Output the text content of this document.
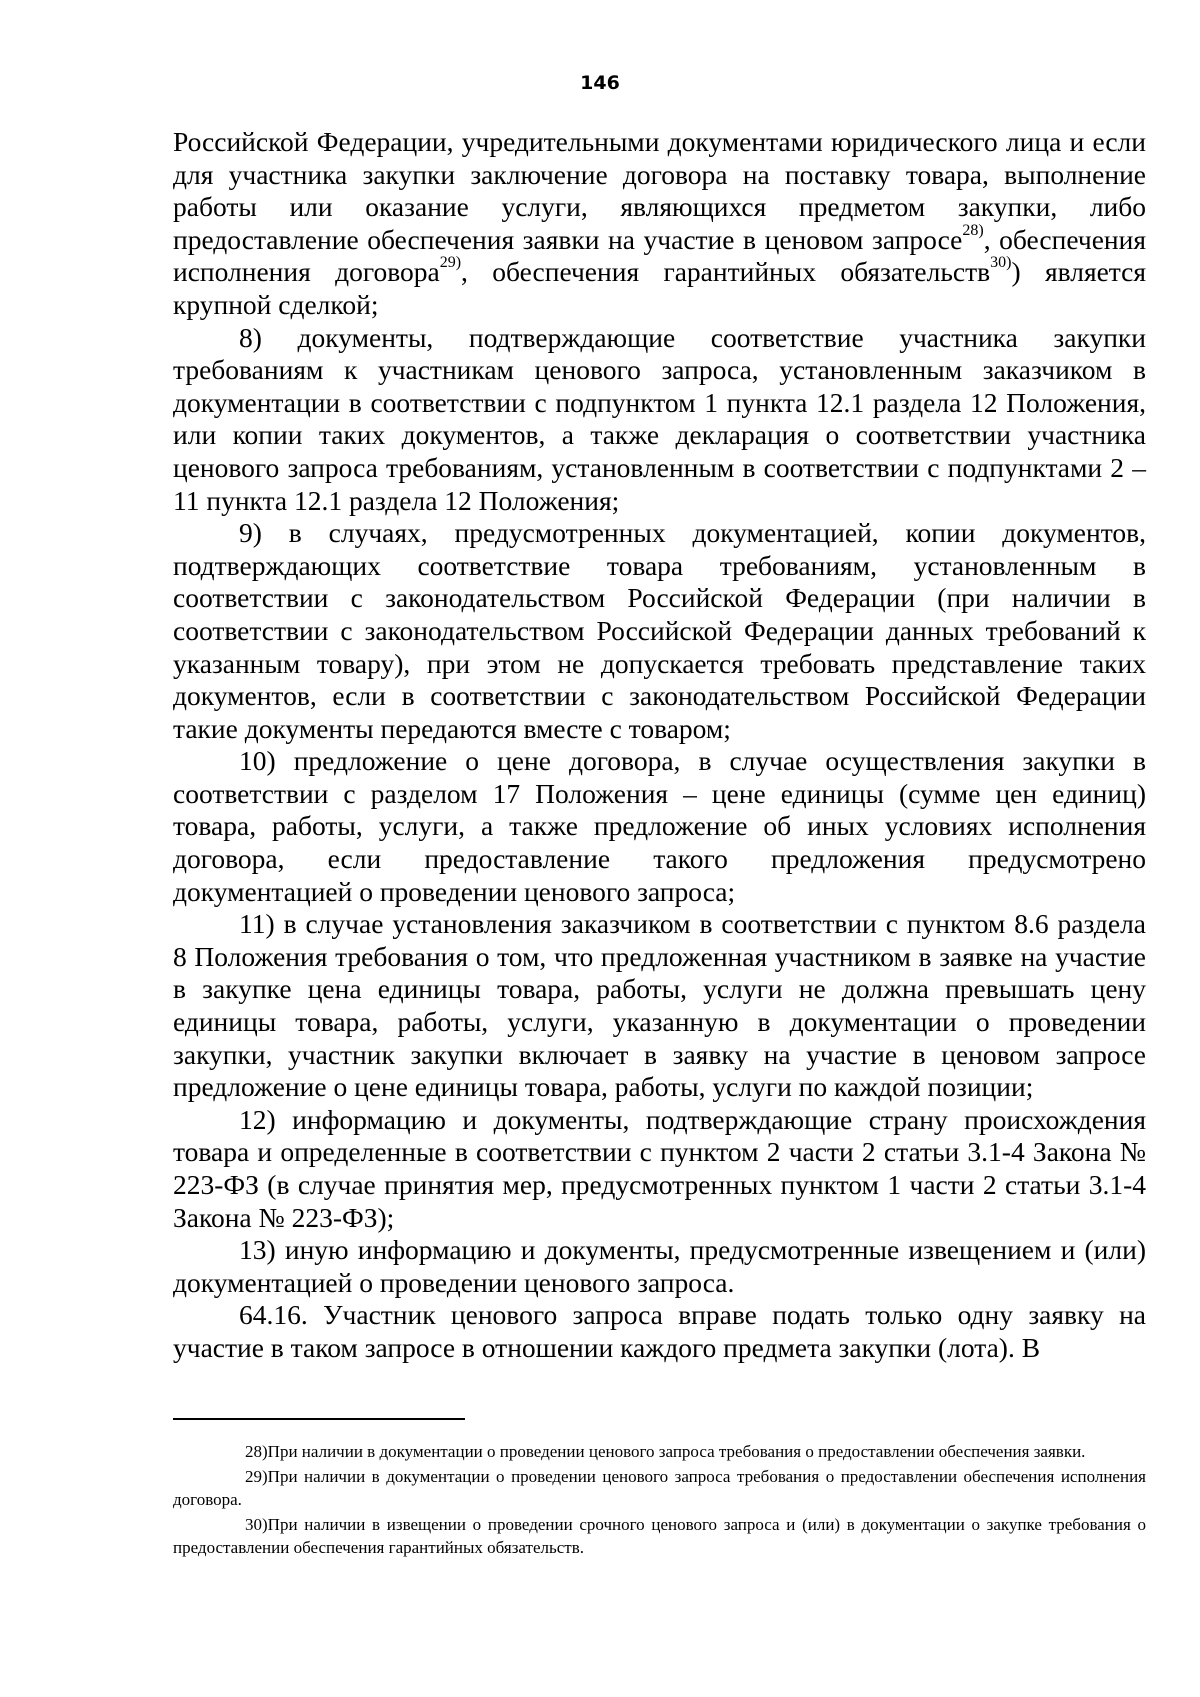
146

Российской Федерации, учредительными документами юридического лица и если для участника закупки заключение договора на поставку товара, выполнение работы или оказание услуги, являющихся предметом закупки, либо предоставление обеспечения заявки на участие в ценовом запросе$^{28)}$, обеспечения исполнения договора$^{29)}$, обеспечения гарантийных обязательств$^{30)}$) является крупной сделкой;

8) документы, подтверждающие соответствие участника закупки требованиям к участникам ценового запроса, установленным заказчиком в документации в соответствии с подпунктом 1 пункта 12.1 раздела 12 Положения, или копии таких документов, а также декларация о соответствии участника ценового запроса требованиям, установленным в соответствии с подпунктами 2 – 11 пункта 12.1 раздела 12 Положения;

9) в случаях, предусмотренных документацией, копии документов, подтверждающих соответствие товара требованиям, установленным в соответствии с законодательством Российской Федерации (при наличии в соответствии с законодательством Российской Федерации данных требований к указанным товару), при этом не допускается требовать представление таких документов, если в соответствии с законодательством Российской Федерации такие документы передаются вместе с товаром;

10) предложение о цене договора, в случае осуществления закупки в соответствии с разделом 17 Положения – цене единицы (сумме цен единиц) товара, работы, услуги, а также предложение об иных условиях исполнения договора, если предоставление такого предложения предусмотрено документацией о проведении ценового запроса;

11) в случае установления заказчиком в соответствии с пунктом 8.6 раздела 8 Положения требования о том, что предложенная участником в заявке на участие в закупке цена единицы товара, работы, услуги не должна превышать цену единицы товара, работы, услуги, указанную в документации о проведении закупки, участник закупки включает в заявку на участие в ценовом запросе предложение о цене единицы товара, работы, услуги по каждой позиции;

12) информацию и документы, подтверждающие страну происхождения товара и определенные в соответствии с пунктом 2 части 2 статьи 3.1-4 Закона № 223-ФЗ (в случае принятия мер, предусмотренных пунктом 1 части 2 статьи 3.1-4 Закона № 223-ФЗ);

13) иную информацию и документы, предусмотренные извещением и (или) документацией о проведении ценового запроса.

64.16. Участник ценового запроса вправе подать только одну заявку на участие в таком запросе в отношении каждого предмета закупки (лота). В

28)При наличии в документации о проведении ценового запроса требования о предоставлении обеспечения заявки.

29)При наличии в документации о проведении ценового запроса требования о предоставлении обеспечения исполнения договора.

30)При наличии в извещении о проведении срочного ценового запроса и (или) в документации о закупке требования о предоставлении обеспечения гарантийных обязательств.
